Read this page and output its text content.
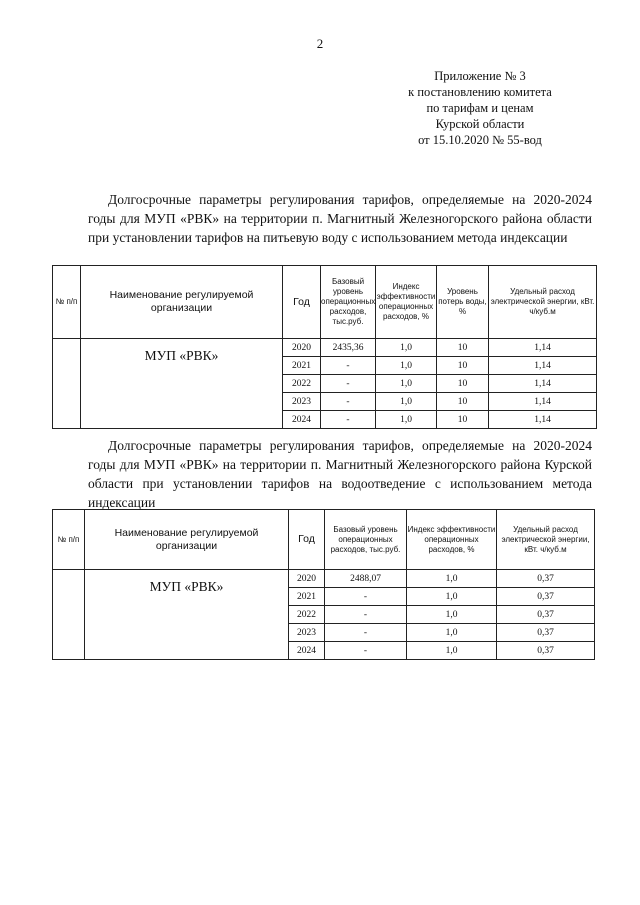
2
Приложение № 3
к постановлению комитета
по тарифам и ценам
Курской области
от 15.10.2020 № 55-вод
Долгосрочные параметры регулирования тарифов, определяемые на 2020-2024 годы для МУП «РВК» на территории п. Магнитный Железногорского района области при установлении тарифов на питьевую воду с использованием метода индексации
№ п/п	Наименование регулируемой организации	Год	Базовый уровень операционных расходов, тыс.руб.	Индекс эффективности операционных расходов, %	Уровень потерь воды, %	Удельный расход электрической энергии, кВт. ч/куб.м
	МУП «РВК»	2020	2435,36	1,0	10	1,14
		2021	-	1,0	10	1,14
		2022	-	1,0	10	1,14
		2023	-	1,0	10	1,14
		2024	-	1,0	10	1,14
Долгосрочные параметры регулирования тарифов, определяемые на 2020-2024 годы для МУП «РВК» на территории п. Магнитный Железногорского района Курской области при установлении тарифов на водоотведение с использованием метода индексации
№ п/п	Наименование регулируемой организации	Год	Базовый уровень операционных расходов, тыс.руб.	Индекс эффективности операционных расходов, %	Удельный расход электрической энергии, кВт. ч/куб.м
	МУП «РВК»	2020	2488,07	1,0	0,37
		2021	-	1,0	0,37
		2022	-	1,0	0,37
		2023	-	1,0	0,37
		2024	-	1,0	0,37
